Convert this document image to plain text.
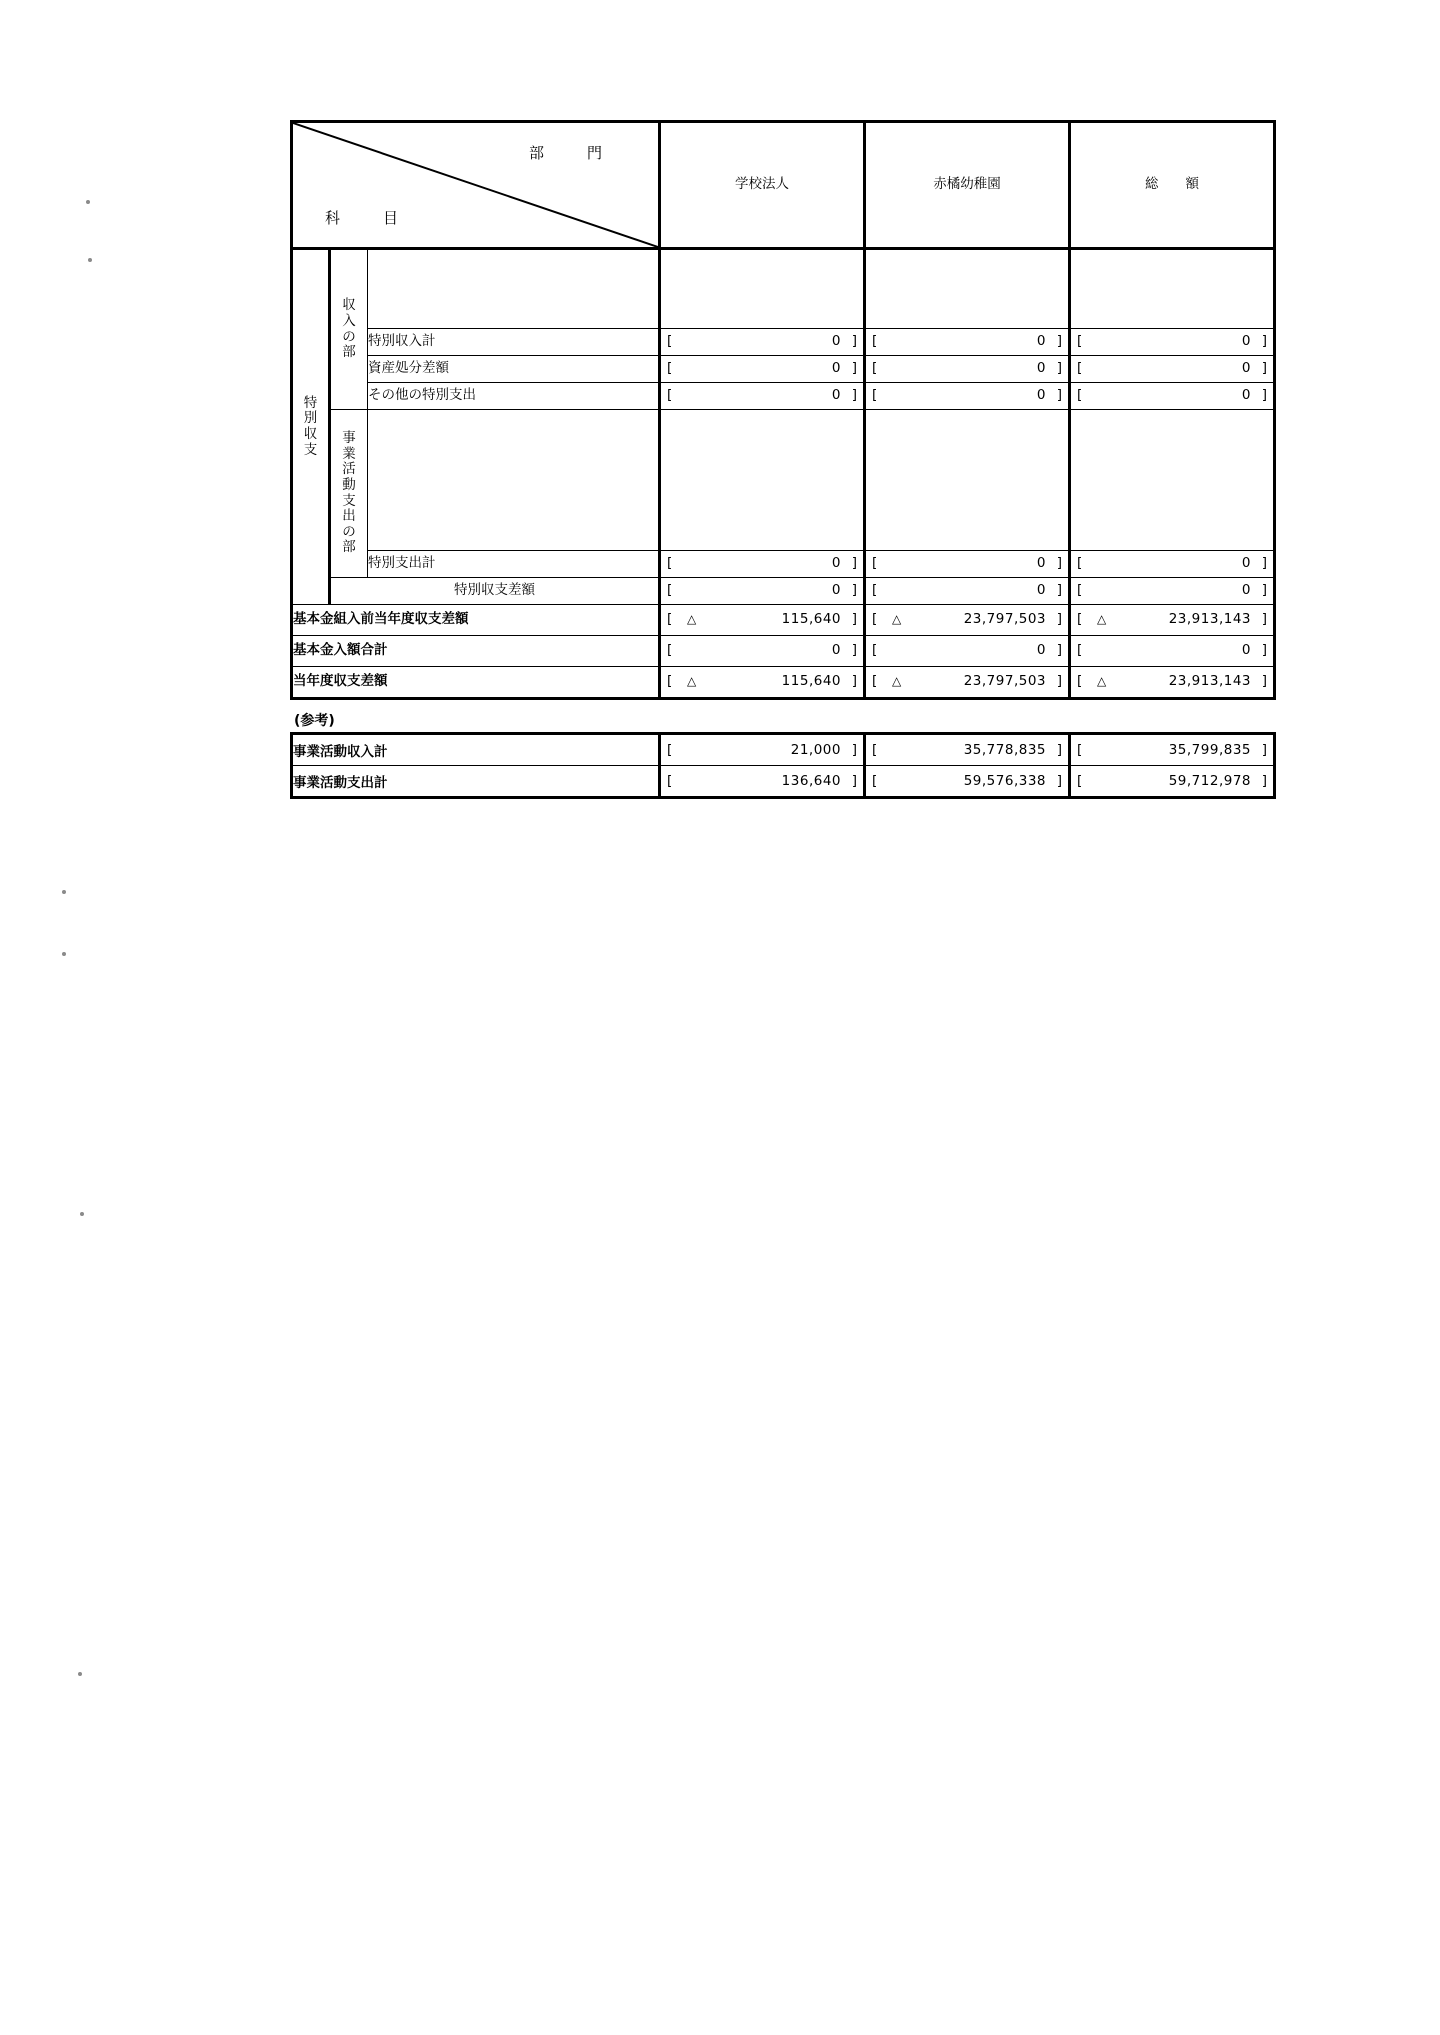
部　門
科　目			学校法人	赤橘幼稚園	総　　額

特
別
収
支	収
入
の
部				

		特別収入計	[ 0 ]	[ 0 ]	[ 0 ]

		資産処分差額	[ 0 ]	[ 0 ]	[ 0 ]

		その他の特別支出	[ 0 ]	[ 0 ]	[ 0 ]

事
業
活
動
支
出
の
部

		特別支出計	[ 0 ]	[ 0 ]	[ 0 ]

	特別収支差額		[ 0 ]	[ 0 ]	[ 0 ]

基本金組入前当年度収支差額			[ △ 115,640 ]	[ △ 23,797,503 ]	[ △ 23,913,143 ]

基本金入額合計			[ 0 ]	[ 0 ]	[ 0 ]

当年度収支差額			[ △ 115,640 ]	[ △ 23,797,503 ]	[ △ 23,913,143 ]
(参考)
事業活動収入計	[ 21,000 ]	[ 35,778,835 ]	[ 35,799,835 ]

事業活動支出計	[ 136,640 ]	[ 59,576,338 ]	[ 59,712,978 ]
